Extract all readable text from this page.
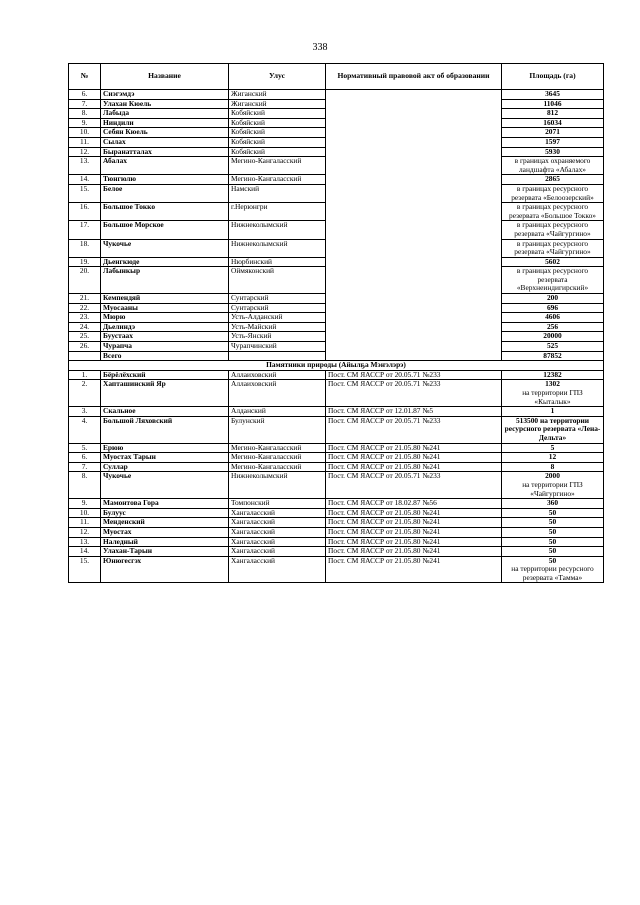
338
№	Название	Улус	Нормативный правовой акт об образовании	Площадь (га)
6.	Сиэгэмдэ	Жиганский		3645
7.	Улахан Кюель	Жиганский		11046
8.	Лабыда	Кобяйский		812
9.	Ниндили	Кобяйский		16034
10.	Себян Кюель	Кобяйский		2071
11.	Сылах	Кобяйский		1597
12.	Быранатталах	Кобяйский		5930
13.	Абалах	Мегино-Кангаласский		в границах охраняемого ландшафта «Абалах»
14.	Тюнгюлю	Мегино-Кангаласский		2865
15.	Белое	Намский		в границах ресурсного резервата «Белоозерский»
16.	Большое Токко	г.Нерюнгри		в границах ресурсного резервата «Большое Токко»
17.	Большое Морское	Нижнеколымский		в границах ресурсного резервата «Чайгургино»
18.	Чукочье	Нижнеколымский		в границах ресурсного резервата «Чайгургино»
19.	Дьенгкюде	Нюрбинский		5602
20.	Лабынкыр	Оймяконский		в границах ресурсного резервата «Верхнеиндигирский»
21.	Кемпендяй	Сунтарский		200
22.	Муосааны	Сунтарский		696
23.	Мюрю	Усть-Алданский		4606
24.	Дьелиндэ	Усть-Майский		256
25.	Буустаах	Усть-Янский		20000
26.	Чурапча	Чурапчинский		525
	Всего			87852
Памятники природы (Айылҕа Мэҥэлэрэ)				
1.	Бёрёлёхский	Аллаиховский	Пост. СМ ЯАССР от 20.05.71 №233	12382
2.	Хапташинский Яр	Аллаиховский	Пост. СМ ЯАССР от 20.05.71 №233	1302
на территории ГПЗ «Кыталык»

3.	Скальное	Алданский	Пост. СМ ЯАССР от 12.01.87 №5	1
4.	Большой Ляховский	Булунский	Пост. СМ ЯАССР от 20.05.71 №233	513500 на территории ресурсного резервата «Лена-Дельта»
5.	Ерюю	Мегино-Кангаласский	Пост. СМ ЯАССР от 21.05.80 №241	5
6.	Муостах Тарын	Мегино-Кангаласский	Пост. СМ ЯАССР от 21.05.80 №241	12
7.	Суллар	Мегино-Кангаласский	Пост. СМ ЯАССР от 21.05.80 №241	8
8.	Чукочье	Нижнеколымский	Пост. СМ ЯАССР от 20.05.71 №233	2000
на территории ГПЗ «Чайгургино»

9.	Мамонтова Гора	Томпонский	Пост. СМ ЯАССР от 18.02.87 №56	360
10.	Булуус	Хангаласский	Пост. СМ ЯАССР от 21.05.80 №241	50
11.	Менденский	Хангаласский	Пост. СМ ЯАССР от 21.05.80 №241	50
12.	Муостах	Хангаласский	Пост. СМ ЯАССР от 21.05.80 №241	50
13.	Наледный	Хангаласский	Пост. СМ ЯАССР от 21.05.80 №241	50
14.	Улахан-Тарын	Хангаласский	Пост. СМ ЯАССР от 21.05.80 №241	50
15.	Юнюгесгэх	Хангаласский	Пост. СМ ЯАССР от 21.05.80 №241	50
на территории ресурсного резервата «Тамма»
